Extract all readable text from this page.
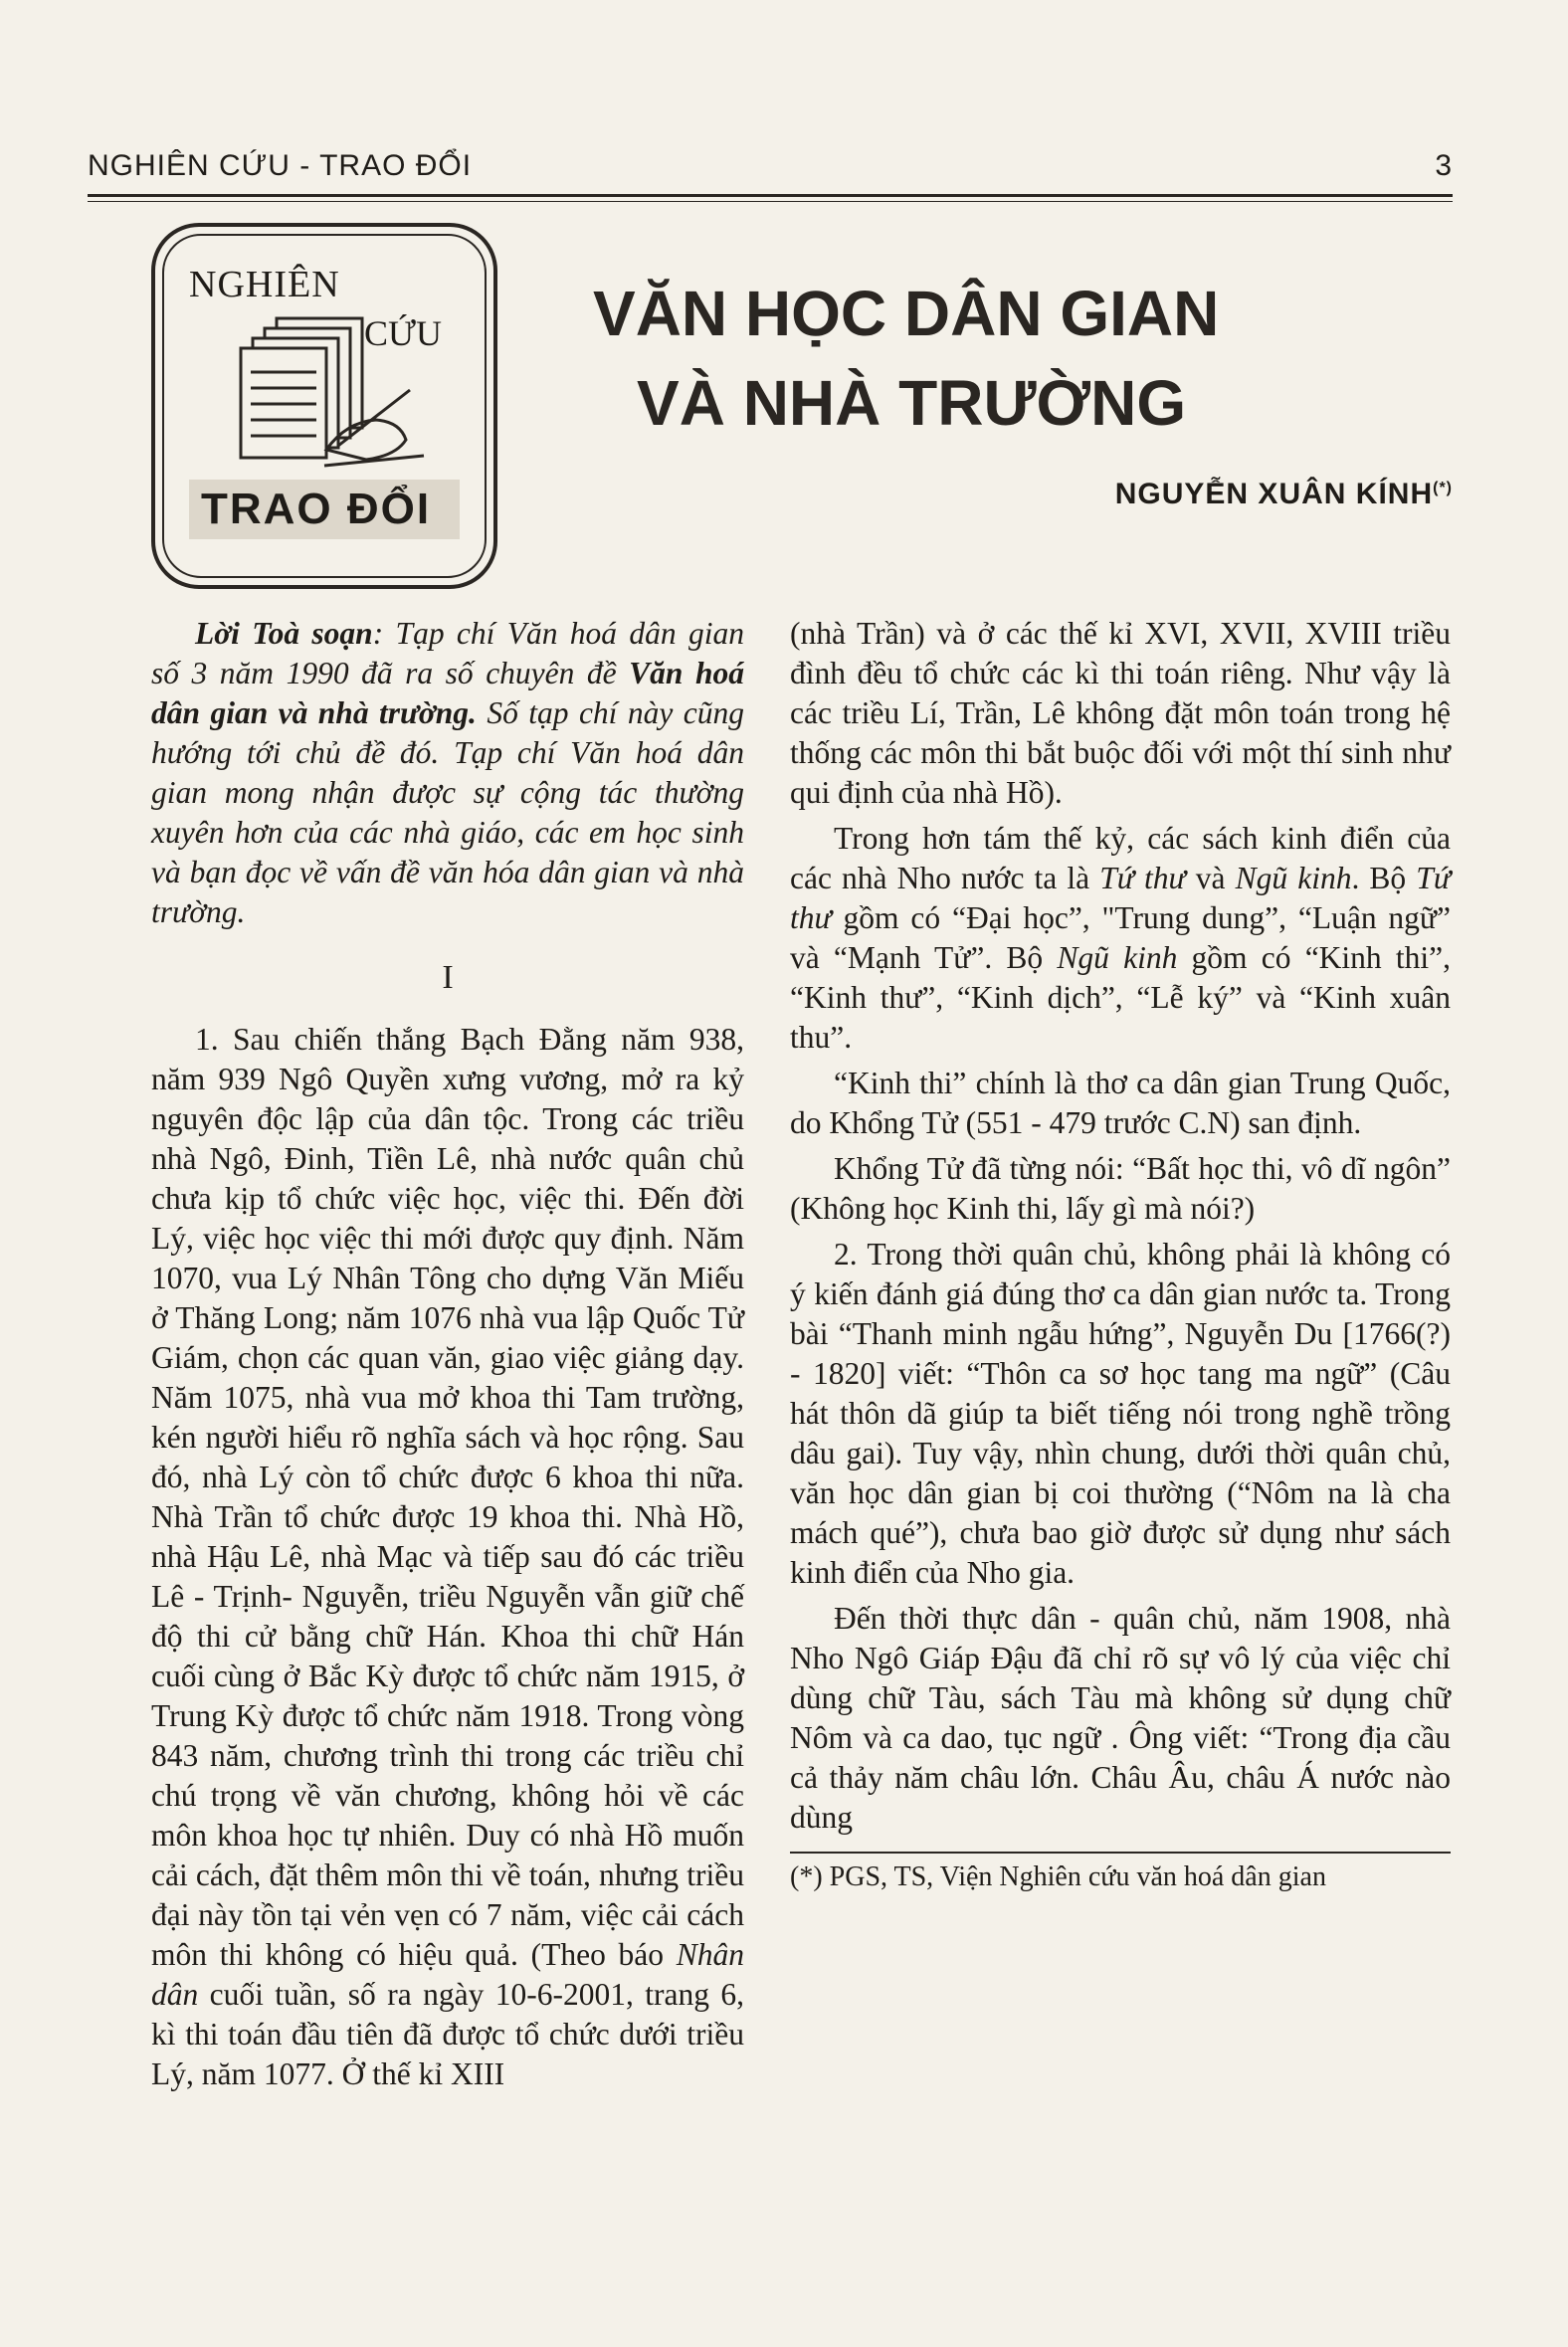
NGHIÊN CỨU - TRAO ĐỔI	3
NGHIÊN
CỨU
TRAO ĐỔI
VĂN HỌC DÂN GIAN
VÀ NHÀ TRƯỜNG
NGUYỄN XUÂN KÍNH(*)

Lời Toà soạn: Tạp chí Văn hoá dân gian số 3 năm 1990 đã ra số chuyên đề Văn hoá dân gian và nhà trường. Số tạp chí này cũng hướng tới chủ đề đó. Tạp chí Văn hoá dân gian mong nhận được sự cộng tác thường xuyên hơn của các nhà giáo, các em học sinh và bạn đọc về vấn đề văn hóa dân gian và nhà trường.

I

1. Sau chiến thắng Bạch Đằng năm 938, năm 939 Ngô Quyền xưng vương, mở ra kỷ nguyên độc lập của dân tộc. Trong các triều nhà Ngô, Đinh, Tiền Lê, nhà nước quân chủ chưa kịp tổ chức việc học, việc thi. Đến đời Lý, việc học việc thi mới được quy định. Năm 1070, vua Lý Nhân Tông cho dựng Văn Miếu ở Thăng Long; năm 1076 nhà vua lập Quốc Tử Giám, chọn các quan văn, giao việc giảng dạy. Năm 1075, nhà vua mở khoa thi Tam trường, kén người hiểu rõ nghĩa sách và học rộng. Sau đó, nhà Lý còn tổ chức được 6 khoa thi nữa. Nhà Trần tổ chức được 19 khoa thi. Nhà Hồ, nhà Hậu Lê, nhà Mạc và tiếp sau đó các triều Lê - Trịnh- Nguyễn, triều Nguyễn vẫn giữ chế độ thi cử bằng chữ Hán. Khoa thi chữ Hán cuối cùng ở Bắc Kỳ được tổ chức năm 1915, ở Trung Kỳ được tổ chức năm 1918. Trong vòng 843 năm, chương trình thi trong các triều chỉ chú trọng về văn chương, không hỏi về các môn khoa học tự nhiên. Duy có nhà Hồ muốn cải cách, đặt thêm môn thi về toán, nhưng triều đại này tồn tại vẻn vẹn có 7 năm, việc cải cách môn thi không có hiệu quả. (Theo báo Nhân dân cuối tuần, số ra ngày 10-6-2001, trang 6, kì thi toán đầu tiên đã được tổ chức dưới triều Lý, năm 1077. Ở thế kỉ XIII

(nhà Trần) và ở các thế kỉ XVI, XVII, XVIII triều đình đều tổ chức các kì thi toán riêng. Như vậy là các triều Lí, Trần, Lê không đặt môn toán trong hệ thống các môn thi bắt buộc đối với một thí sinh như qui định của nhà Hồ).

Trong hơn tám thế kỷ, các sách kinh điển của các nhà Nho nước ta là Tứ thư và Ngũ kinh. Bộ Tứ thư gồm có “Đại học”, "Trung dung”, “Luận ngữ” và “Mạnh Tử”. Bộ Ngũ kinh gồm có “Kinh thi”, “Kinh thư”, “Kinh dịch”, “Lễ ký” và “Kinh xuân thu”.

“Kinh thi” chính là thơ ca dân gian Trung Quốc, do Khổng Tử (551 - 479 trước C.N) san định.

Khổng Tử đã từng nói: “Bất học thi, vô dĩ ngôn” (Không học Kinh thi, lấy gì mà nói?)

2. Trong thời quân chủ, không phải là không có ý kiến đánh giá đúng thơ ca dân gian nước ta. Trong bài “Thanh minh ngẫu hứng”, Nguyễn Du [1766(?) - 1820] viết: “Thôn ca sơ học tang ma ngữ” (Câu hát thôn dã giúp ta biết tiếng nói trong nghề trồng dâu gai). Tuy vậy, nhìn chung, dưới thời quân chủ, văn học dân gian bị coi thường (“Nôm na là cha mách qué”), chưa bao giờ được sử dụng như sách kinh điển của Nho gia.

Đến thời thực dân - quân chủ, năm 1908, nhà Nho Ngô Giáp Đậu đã chỉ rõ sự vô lý của việc chỉ dùng chữ Tàu, sách Tàu mà không sử dụng chữ Nôm và ca dao, tục ngữ . Ông viết: “Trong địa cầu cả thảy năm châu lớn. Châu Âu, châu Á nước nào dùng

(*) PGS, TS, Viện Nghiên cứu văn hoá dân gian
